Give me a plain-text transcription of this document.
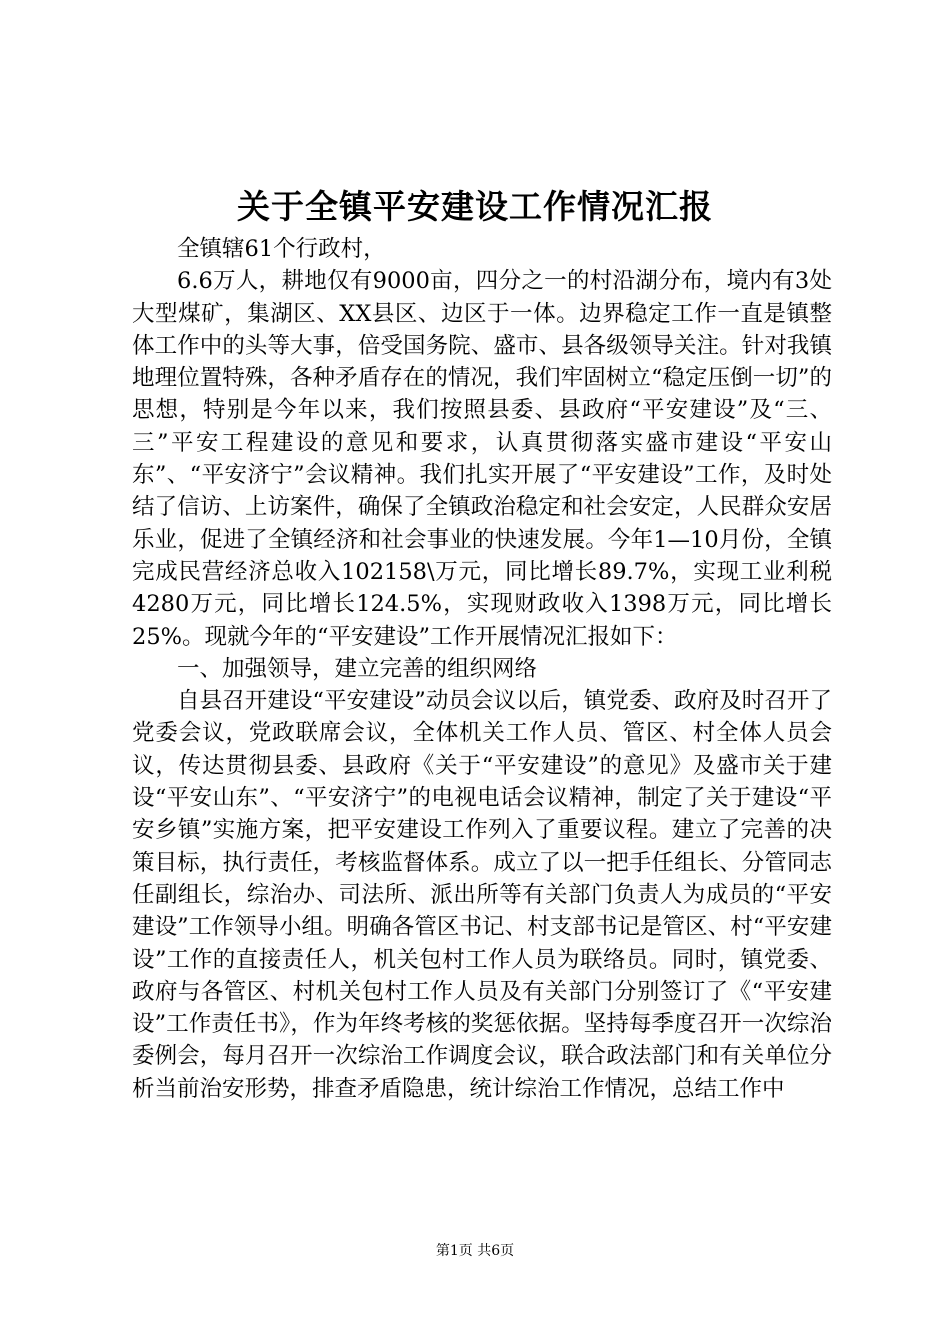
关于全镇平安建设工作情况汇报

全镇辖61个行政村，

6.6万人，耕地仅有9000亩，四分之一的村沿湖分布，境内有3处大型煤矿，集湖区、XX县区、边区于一体。边界稳定工作一直是镇整体工作中的头等大事，倍受国务院、盛市、县各级领导关注。针对我镇地理位置特殊，各种矛盾存在的情况，我们牢固树立“稳定压倒一切”的思想，特别是今年以来，我们按照县委、县政府“平安建设”及“三、三”平安工程建设的意见和要求，认真贯彻落实盛市建设“平安山东”、“平安济宁”会议精神。我们扎实开展了“平安建设”工作，及时处结了信访、上访案件，确保了全镇政治稳定和社会安定，人民群众安居乐业，促进了全镇经济和社会事业的快速发展。今年1—10月份，全镇完成民营经济总收入102158\万元，同比增长89.7%，实现工业利税4280万元，同比增长124.5%，实现财政收入1398万元，同比增长25%。现就今年的“平安建设”工作开展情况汇报如下：

一、加强领导，建立完善的组织网络

自县召开建设“平安建设”动员会议以后，镇党委、政府及时召开了党委会议，党政联席会议，全体机关工作人员、管区、村全体人员会议，传达贯彻县委、县政府《关于“平安建设”的意见》及盛市关于建设“平安山东”、“平安济宁”的电视电话会议精神，制定了关于建设“平安乡镇”实施方案，把平安建设工作列入了重要议程。建立了完善的决策目标，执行责任，考核监督体系。成立了以一把手任组长、分管同志任副组长，综治办、司法所、派出所等有关部门负责人为成员的“平安建设”工作领导小组。明确各管区书记、村支部书记是管区、村“平安建设”工作的直接责任人，机关包村工作人员为联络员。同时，镇党委、政府与各管区、村机关包村工作人员及有关部门分别签订了《“平安建设”工作责任书》，作为年终考核的奖惩依据。坚持每季度召开一次综治委例会，每月召开一次综治工作调度会议，联合政法部门和有关单位分析当前治安形势，排查矛盾隐患，统计综治工作情况，总结工作中

第1页 共6页
